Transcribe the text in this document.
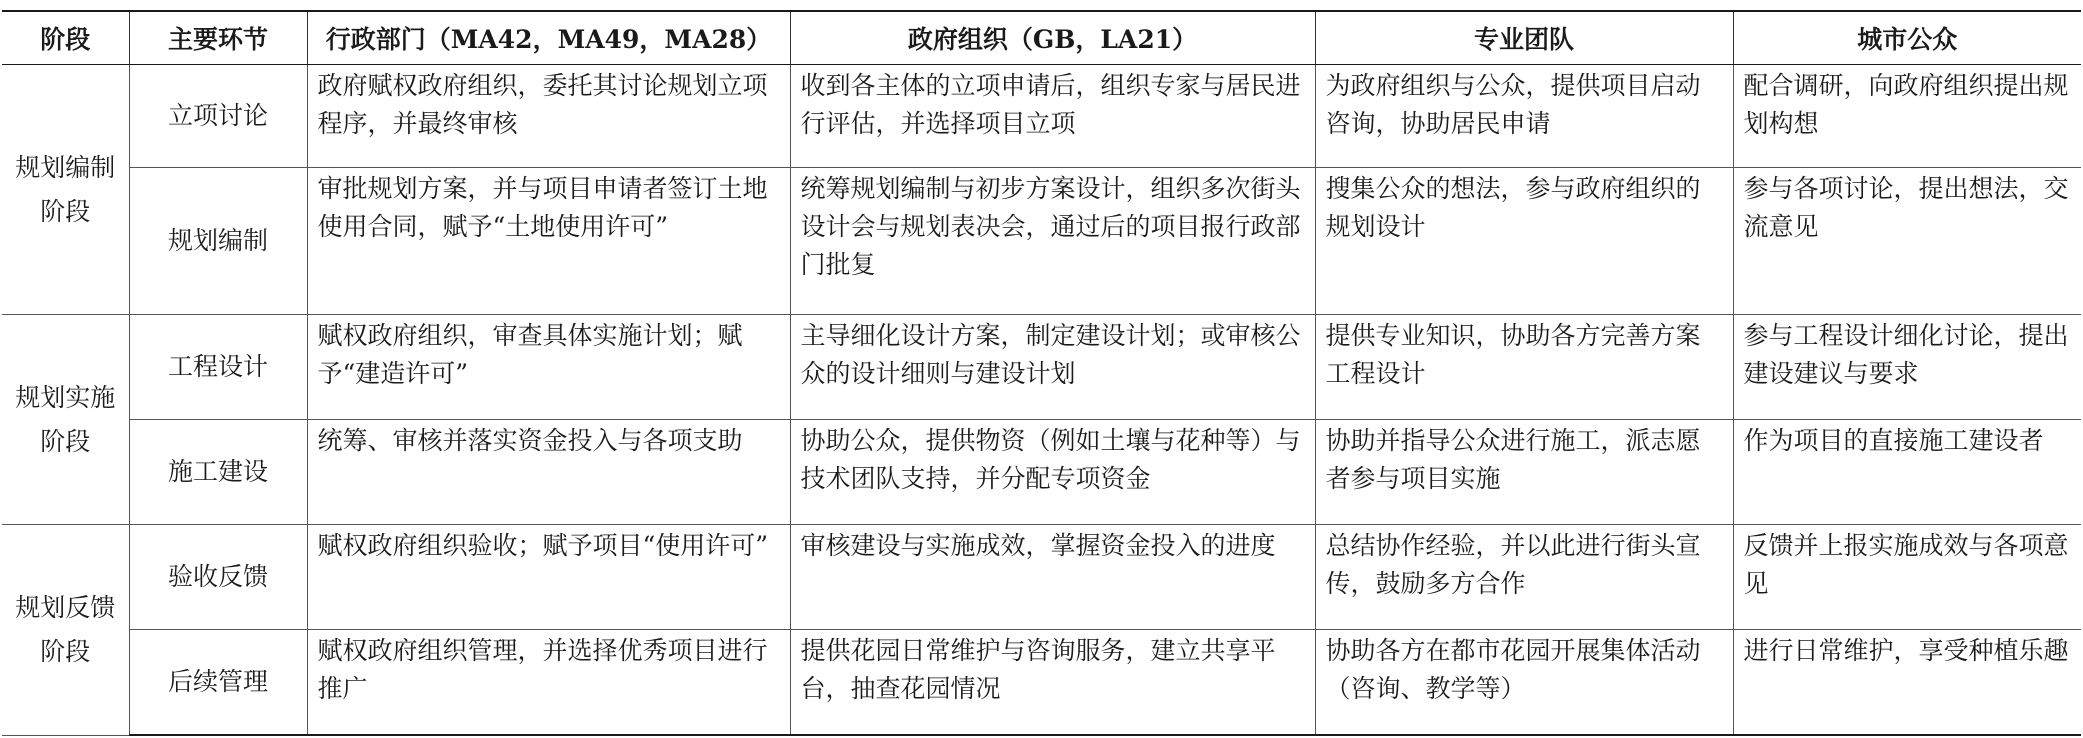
阶段	主要环节	行政部门（MA42，MA49，MA28）	政府组织（GB，LA21）	专业团队	城市公众
规划编制阶段	立项讨论	政府赋权政府组织，委托其讨论规划立项程序，并最终审核	收到各主体的立项申请后，组织专家与居民进行评估，并选择项目立项	为政府组织与公众，提供项目启动咨询，协助居民申请	配合调研，向政府组织提出规划构想
	规划编制	审批规划方案，并与项目申请者签订土地使用合同，赋予“土地使用许可”	统筹规划编制与初步方案设计，组织多次街头设计会与规划表决会，通过后的项目报行政部门批复	搜集公众的想法，参与政府组织的规划设计	参与各项讨论，提出想法，交流意见
规划实施阶段	工程设计	赋权政府组织，审查具体实施计划；赋予“建造许可”	主导细化设计方案，制定建设计划；或审核公众的设计细则与建设计划	提供专业知识，协助各方完善方案工程设计	参与工程设计细化讨论，提出建设建议与要求
	施工建设	统筹、审核并落实资金投入与各项支助	协助公众，提供物资（例如土壤与花种等）与技术团队支持，并分配专项资金	协助并指导公众进行施工，派志愿者参与项目实施	作为项目的直接施工建设者
规划反馈阶段	验收反馈	赋权政府组织验收；赋予项目“使用许可”	审核建设与实施成效，掌握资金投入的进度	总结协作经验，并以此进行街头宣传，鼓励多方合作	反馈并上报实施成效与各项意见
	后续管理	赋权政府组织管理，并选择优秀项目进行推广	提供花园日常维护与咨询服务，建立共享平台，抽查花园情况	协助各方在都市花园开展集体活动（咨询、教学等）	进行日常维护，享受种植乐趣
